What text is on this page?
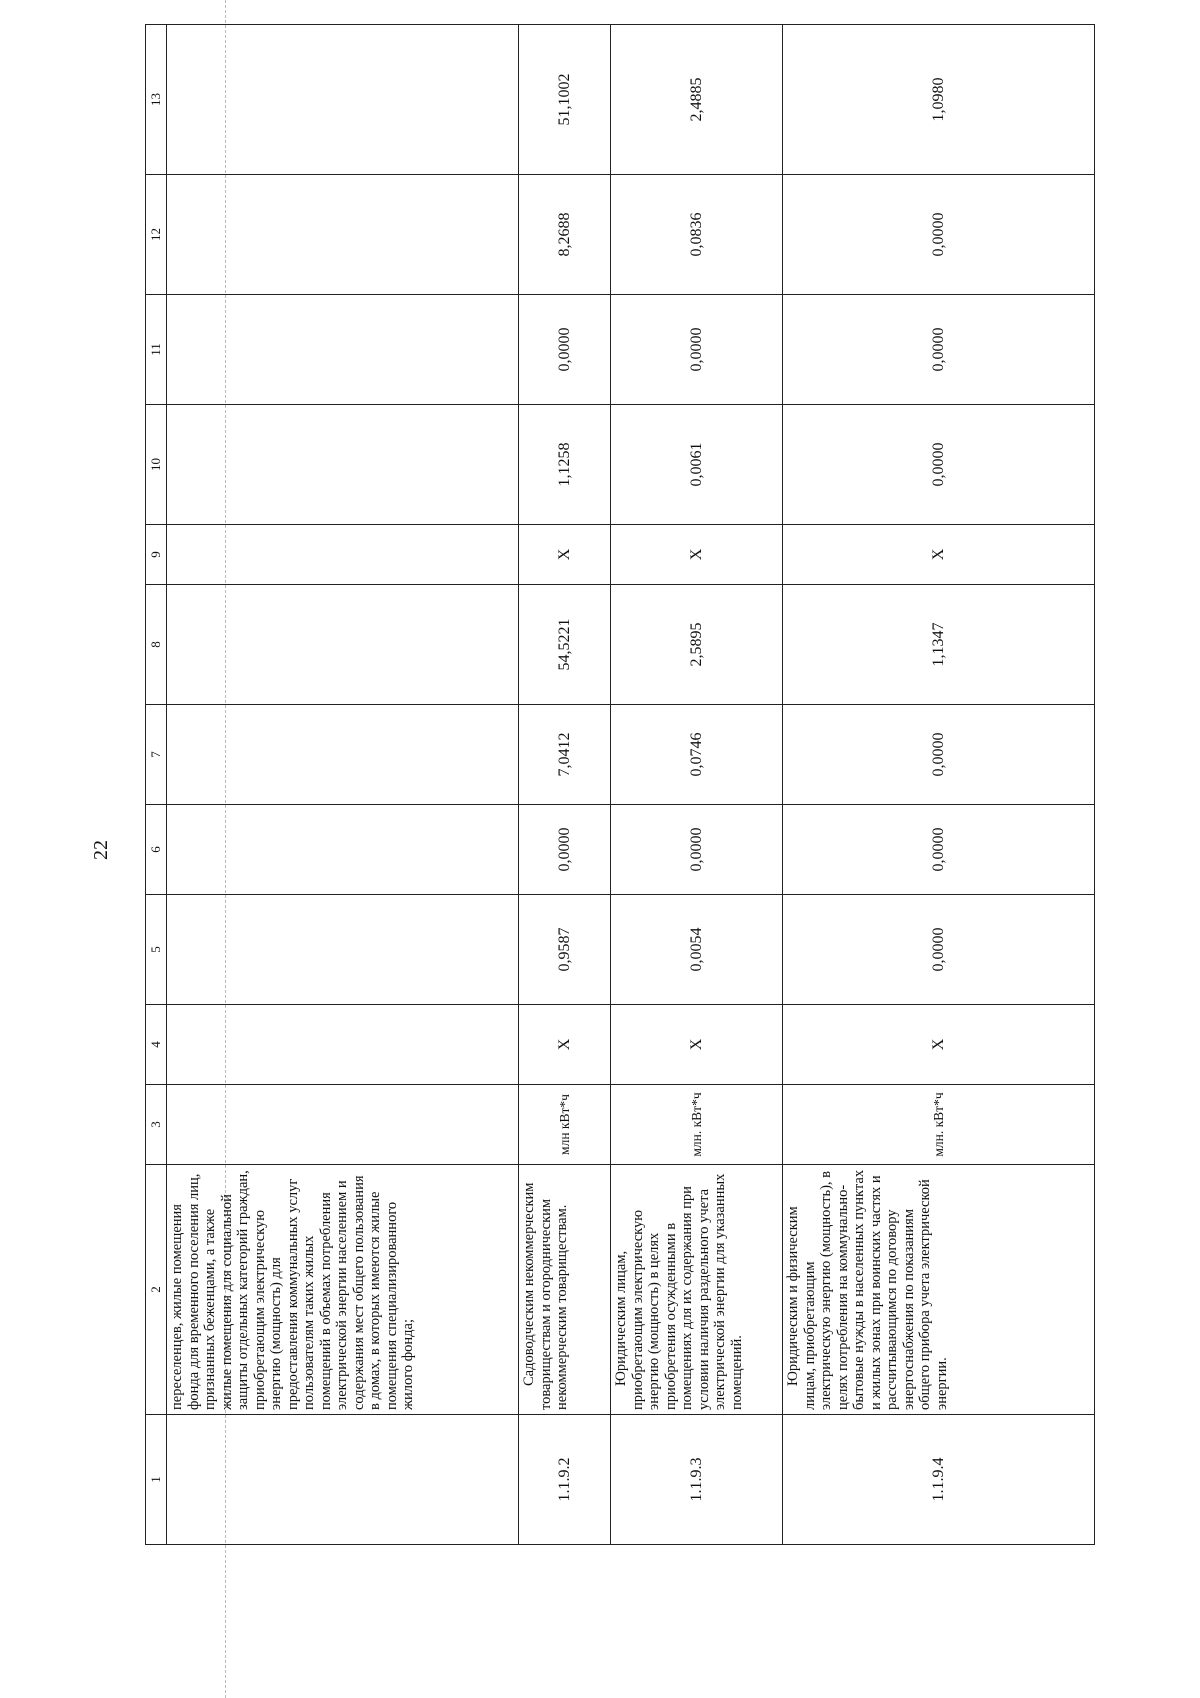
22
1	2	3	4	5	6	7	8	9	10	11	12	13
	переселенцев, жилые помещения фонда для временного поселения лиц, признанных беженцами, а также жилые помещения для социальной защиты отдельных категорий граждан, приобретающим электрическую энергию (мощность) для предоставления коммунальных услуг пользователям таких жилых помещений в объемах потребления электрической энергии населением и содержания мест общего пользования в домах, в которых имеются жилые помещения специализированного жилого фонда;											
1.1.9.2	Садоводческим некоммерческим товариществам и огородническим некоммерческим товариществам.	млн кВт*ч	X	0,9587	0,0000	7,0412	54,5221	X	1,1258	0,0000	8,2688	51,1002
1.1.9.3	Юридическим лицам, приобретающим электрическую энергию (мощность) в целях приобретения осужденными в помещениях для их содержания при условии наличия раздельного учета электрической энергии для указанных помещений.	млн. кВт*ч	X	0,0054	0,0000	0,0746	2,5895	X	0,0061	0,0000	0,0836	2,4885
1.1.9.4	Юридическим и физическим лицам, приобретающим электрическую энергию (мощность), в целях потребления на коммунально-бытовые нужды в населенных пунктах и жилых зонах при воинских частях и рассчитывающимся по договору энергоснабжения по показаниям общего прибора учета электрической энергии.	млн. кВт*ч	X	0,0000	0,0000	0,0000	1,1347	X	0,0000	0,0000	0,0000	1,0980
